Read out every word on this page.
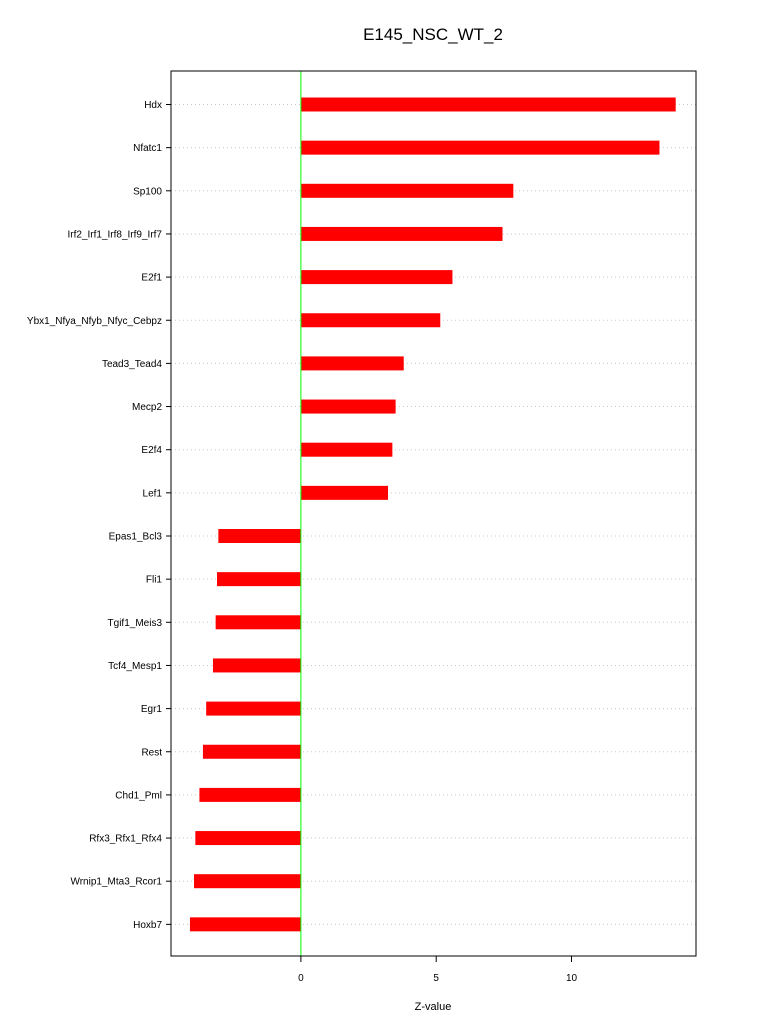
E145_NSC_WT_2
Hdx
Nfatc1
Sp100
Irf2_Irf1_Irf8_Irf9_Irf7
E2f1
Ybx1_Nfya_Nfyb_Nfyc_Cebpz
Tead3_Tead4
Mecp2
E2f4
Lef1
Epas1_Bcl3
Fli1
Tgif1_Meis3
Tcf4_Mesp1
Egr1
Rest
Chd1_Pml
Rfx3_Rfx1_Rfx4
Wrnip1_Mta3_Rcor1
Hoxb7
0	5	10
Z-value
